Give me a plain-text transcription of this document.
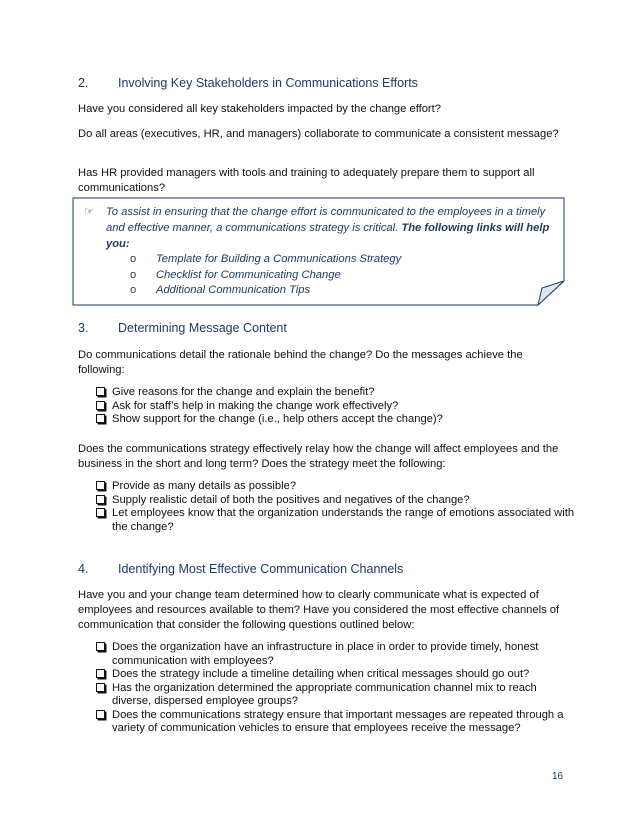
2. Involving Key Stakeholders in Communications Efforts
Have you considered all key stakeholders impacted by the change effort?
Do all areas (executives, HR, and managers) collaborate to communicate a consistent message?
Has HR provided managers with tools and training to adequately prepare them to support all communications?
☞	To assist in ensuring that the change effort is communicated to the employees in a timely and effective manner, a communications strategy is critical. The following links will help you:
o Template for Building a Communications Strategy
o Checklist for Communicating Change
o Additional Communication Tips
3. Determining Message Content
Do communications detail the rationale behind the change? Do the messages achieve the following:
Give reasons for the change and explain the benefit?
Ask for staff’s help in making the change work effectively?
Show support for the change (i.e., help others accept the change)?
Does the communications strategy effectively relay how the change will affect employees and the business in the short and long term? Does the strategy meet the following:
Provide as many details as possible?
Supply realistic detail of both the positives and negatives of the change?
Let employees know that the organization understands the range of emotions associated with the change?
4. Identifying Most Effective Communication Channels
Have you and your change team determined how to clearly communicate what is expected of employees and resources available to them? Have you considered the most effective channels of communication that consider the following questions outlined below:
Does the organization have an infrastructure in place in order to provide timely, honest communication with employees?
Does the strategy include a timeline detailing when critical messages should go out?
Has the organization determined the appropriate communication channel mix to reach diverse, dispersed employee groups?
Does the communications strategy ensure that important messages are repeated through a variety of communication vehicles to ensure that employees receive the message?
16
